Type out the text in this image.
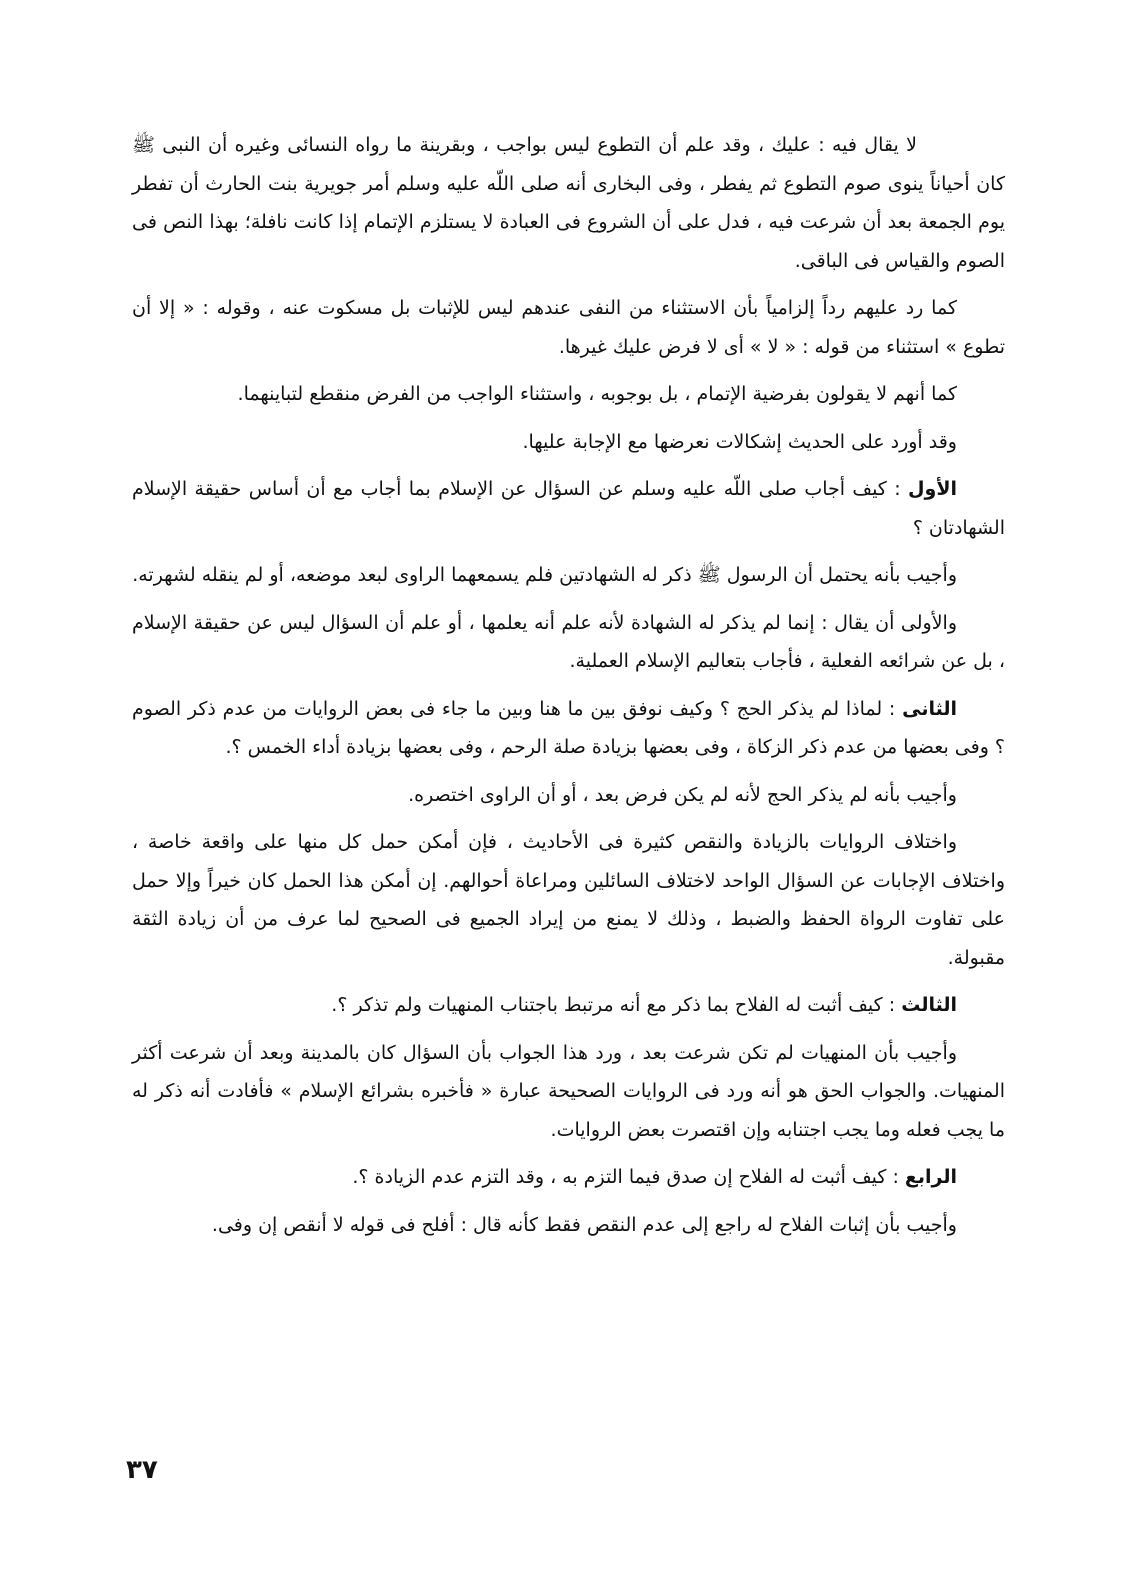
لا يقال فيه : عليك ، وقد علم أن التطوع ليس بواجب ، وبقرينة ما رواه النسائى وغيره أن النبى ﷺ كان أحياناً ينوى صوم التطوع ثم يفطر ، وفى البخارى أنه صلى اللّه عليه وسلم أمر جويرية بنت الحارث أن تفطر يوم الجمعة بعد أن شرعت فيه ، فدل على أن الشروع فى العبادة لا يستلزم الإتمام إذا كانت نافلة؛ بهذا النص فى الصوم والقياس فى الباقى.

كما رد عليهم رداً إلزامياً بأن الاستثناء من النفى عندهم ليس للإثبات بل مسكوت عنه ، وقوله : « إلا أن تطوع » استثناء من قوله : « لا » أى لا فرض عليك غيرها.

كما أنهم لا يقولون بفرضية الإتمام ، بل بوجوبه ، واستثناء الواجب من الفرض منقطع لتباينهما.

وقد أورد على الحديث إشكالات نعرضها مع الإجابة عليها.

الأول : كيف أجاب صلى اللّه عليه وسلم عن السؤال عن الإسلام بما أجاب مع أن أساس حقيقة الإسلام الشهادتان ؟

وأجيب بأنه يحتمل أن الرسول ﷺ ذكر له الشهادتين فلم يسمعهما الراوى لبعد موضعه، أو لم ينقله لشهرته.

والأولى أن يقال : إنما لم يذكر له الشهادة لأنه علم أنه يعلمها ، أو علم أن السؤال ليس عن حقيقة الإسلام ، بل عن شرائعه الفعلية ، فأجاب بتعاليم الإسلام العملية.

الثانى : لماذا لم يذكر الحج ؟ وكيف نوفق بين ما هنا وبين ما جاء فى بعض الروايات من عدم ذكر الصوم ؟ وفى بعضها من عدم ذكر الزكاة ، وفى بعضها بزيادة صلة الرحم ، وفى بعضها بزيادة أداء الخمس ؟.

وأجيب بأنه لم يذكر الحج لأنه لم يكن فرض بعد ، أو أن الراوى اختصره.

واختلاف الروايات بالزيادة والنقص كثيرة فى الأحاديث ، فإن أمكن حمل كل منها على واقعة خاصة ، واختلاف الإجابات عن السؤال الواحد لاختلاف السائلين ومراعاة أحوالهم. إن أمكن هذا الحمل كان خيراً وإلا حمل على تفاوت الرواة الحفظ والضبط ، وذلك لا يمنع من إيراد الجميع فى الصحيح لما عرف من أن زيادة الثقة مقبولة.

الثالث : كيف أثبت له الفلاح بما ذكر مع أنه مرتبط باجتناب المنهيات ولم تذكر ؟.

وأجيب بأن المنهيات لم تكن شرعت بعد ، ورد هذا الجواب بأن السؤال كان بالمدينة وبعد أن شرعت أكثر المنهيات. والجواب الحق هو أنه ورد فى الروايات الصحيحة عبارة « فأخبره بشرائع الإسلام » فأفادت أنه ذكر له ما يجب فعله وما يجب اجتنابه وإن اقتصرت بعض الروايات.

الرابع : كيف أثبت له الفلاح إن صدق فيما التزم به ، وقد التزم عدم الزيادة ؟.

وأجيب بأن إثبات الفلاح له راجع إلى عدم النقص فقط كأنه قال : أفلح فى قوله لا أنقص إن وفى.

٣٧
